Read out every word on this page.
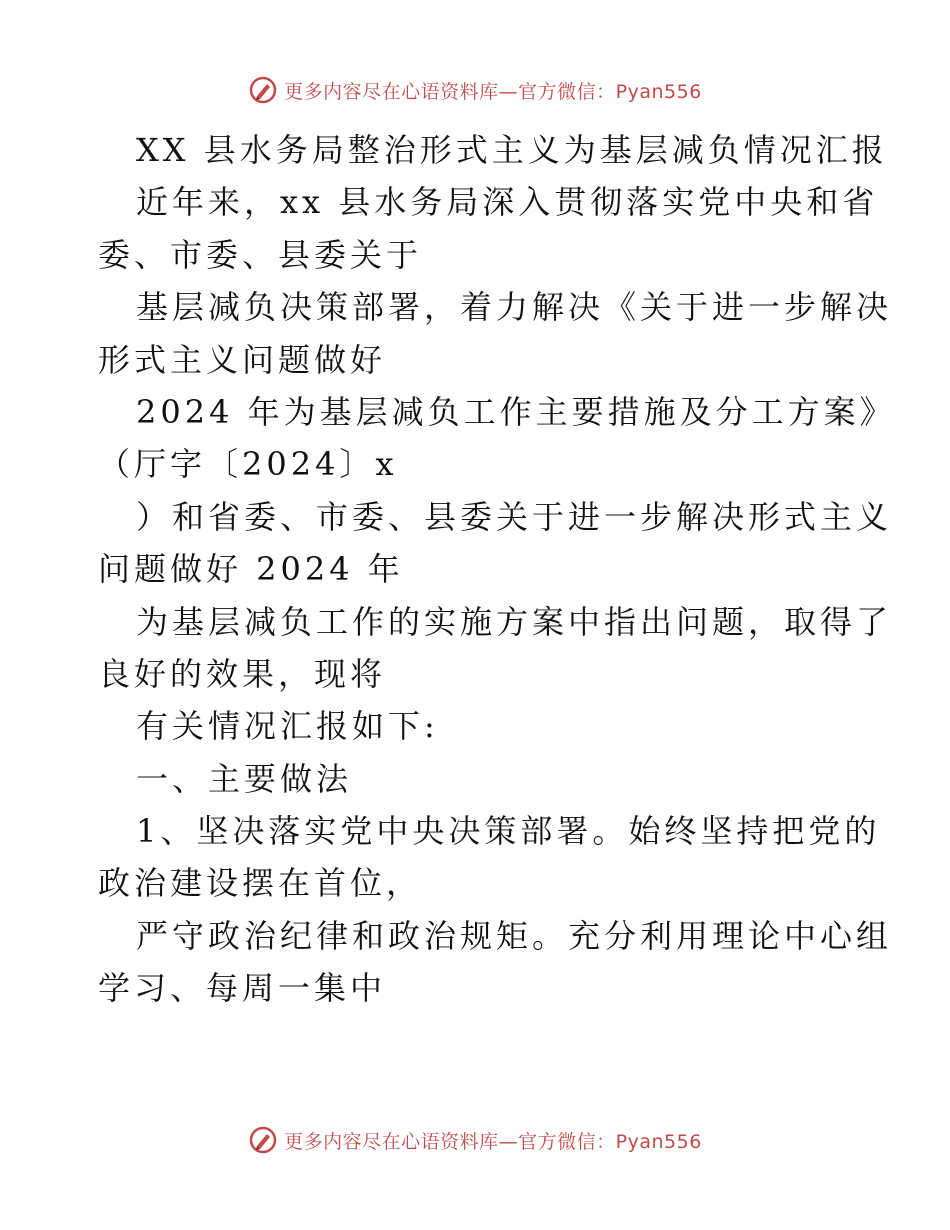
更多内容尽在心语资料库—官方微信：Pyan556
XX 县水务局整治形式主义为基层减负情况汇报
近年来，xx 县水务局深入贯彻落实党中央和省
委、市委、县委关于
基层减负决策部署，着力解决《关于进一步解决
形式主义问题做好
2024 年为基层减负工作主要措施及分工方案》
（厅字〔2024〕x
）和省委、市委、县委关于进一步解决形式主义
问题做好 2024 年
为基层减负工作的实施方案中指出问题，取得了
良好的效果，现将
有关情况汇报如下:
一、主要做法
1、坚决落实党中央决策部署。始终坚持把党的
政治建设摆在首位，
严守政治纪律和政治规矩。充分利用理论中心组
学习、每周一集中
更多内容尽在心语资料库—官方微信：Pyan556
